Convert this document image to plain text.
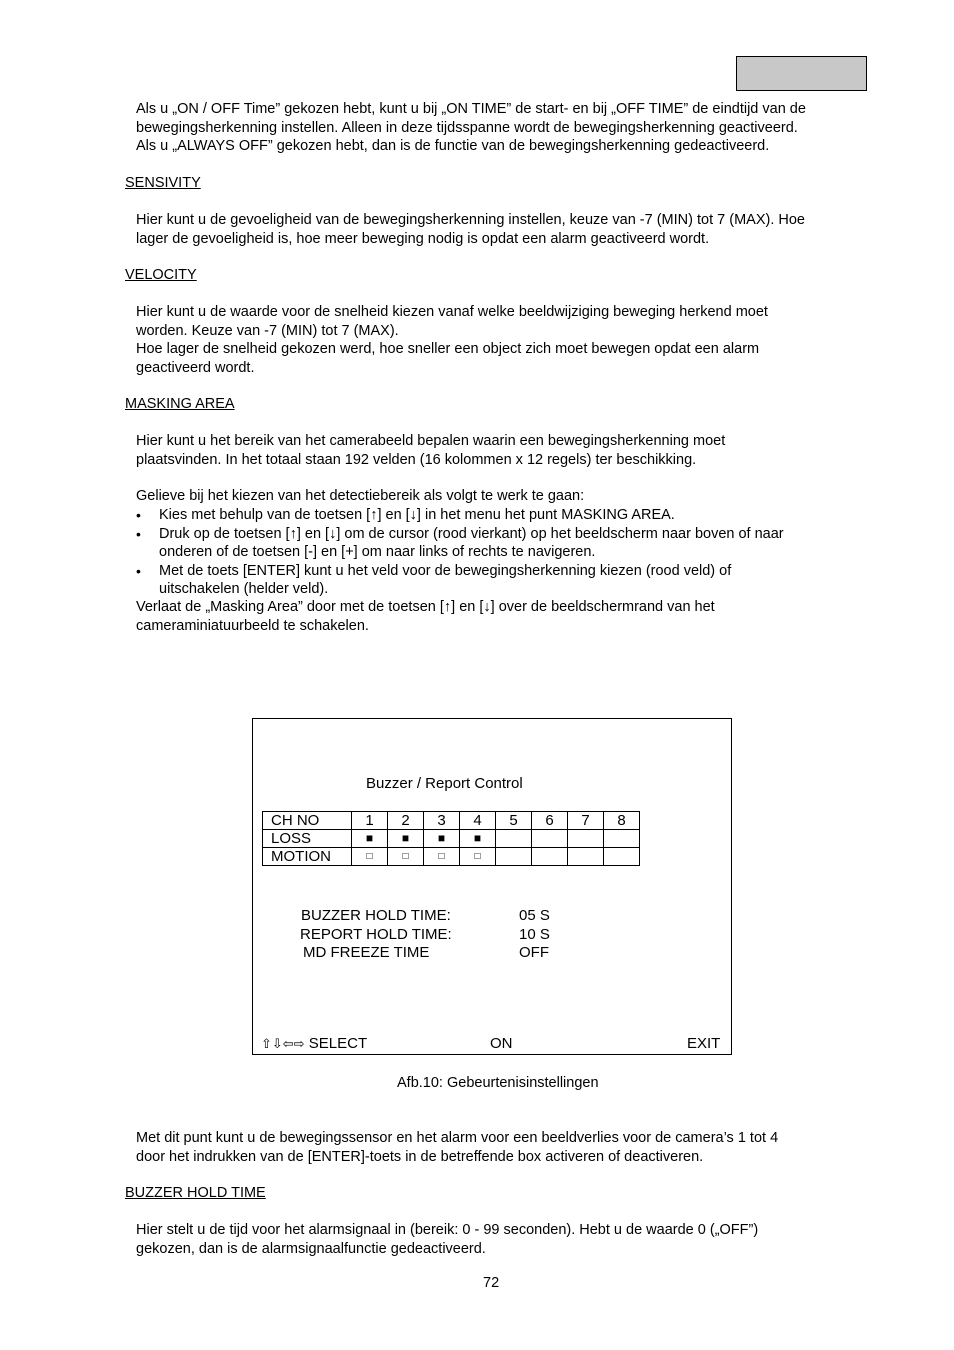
Als u „ON / OFF Time” gekozen hebt, kunt u bij „ON TIME” de start- en bij „OFF TIME” de eindtijd van de
bewegingsherkenning instellen. Alleen in deze tijdsspanne wordt de bewegingsherkenning geactiveerd.
Als u „ALWAYS OFF” gekozen hebt, dan is de functie van de bewegingsherkenning gedeactiveerd.

SENSIVITY

Hier kunt u de gevoeligheid van de bewegingsherkenning instellen, keuze van -7 (MIN) tot 7 (MAX). Hoe
lager de gevoeligheid is, hoe meer beweging nodig is opdat een alarm geactiveerd wordt.

VELOCITY

Hier kunt u de waarde voor de snelheid kiezen vanaf welke beeldwijziging beweging herkend moet
worden. Keuze van -7 (MIN) tot 7 (MAX).
Hoe lager de snelheid gekozen werd, hoe sneller een object zich moet bewegen opdat een alarm
geactiveerd wordt.

MASKING AREA

Hier kunt u het bereik van het camerabeeld bepalen waarin een bewegingsherkenning moet
plaatsvinden. In het totaal staan 192 velden (16 kolommen x 12 regels) ter beschikking.

Gelieve bij het kiezen van het detectiebereik als volgt te werk te gaan:

• Kies met behulp van de toetsen [↑] en [↓] in het menu het punt MASKING AREA.
• Druk op de toetsen [↑] en [↓] om de cursor (rood vierkant) op het beeldscherm naar boven of naar
onderen of de toetsen [-] en [+] om naar links of rechts te navigeren.
• Met de toets [ENTER] kunt u het veld voor de bewegingsherkenning kiezen (rood veld) of
uitschakelen (helder veld).

Verlaat de „Masking Area” door met de toetsen [↑] en [↓] over de beeldschermrand van het
cameraminiatuurbeeld te schakelen.

Buzzer / Report Control
CH NO	1	2	3	4	5	6	7	8
LOSS	■	■	■	■				
MOTION	□	□	□	□				
BUZZER HOLD TIME:	05 S
REPORT HOLD TIME:	10 S
MD FREEZE TIME	OFF
⇧⇩⇦⇨ SELECT	ON	EXIT
Afb.10: Gebeurtenisinstellingen

Met dit punt kunt u de bewegingssensor en het alarm voor een beeldverlies voor de camera’s 1 tot 4
door het indrukken van de [ENTER]-toets in de betreffende box activeren of deactiveren.

BUZZER HOLD TIME

Hier stelt u de tijd voor het alarmsignaal in (bereik: 0 - 99 seconden). Hebt u de waarde 0 („OFF”)
gekozen, dan is de alarmsignaalfunctie gedeactiveerd.

72
